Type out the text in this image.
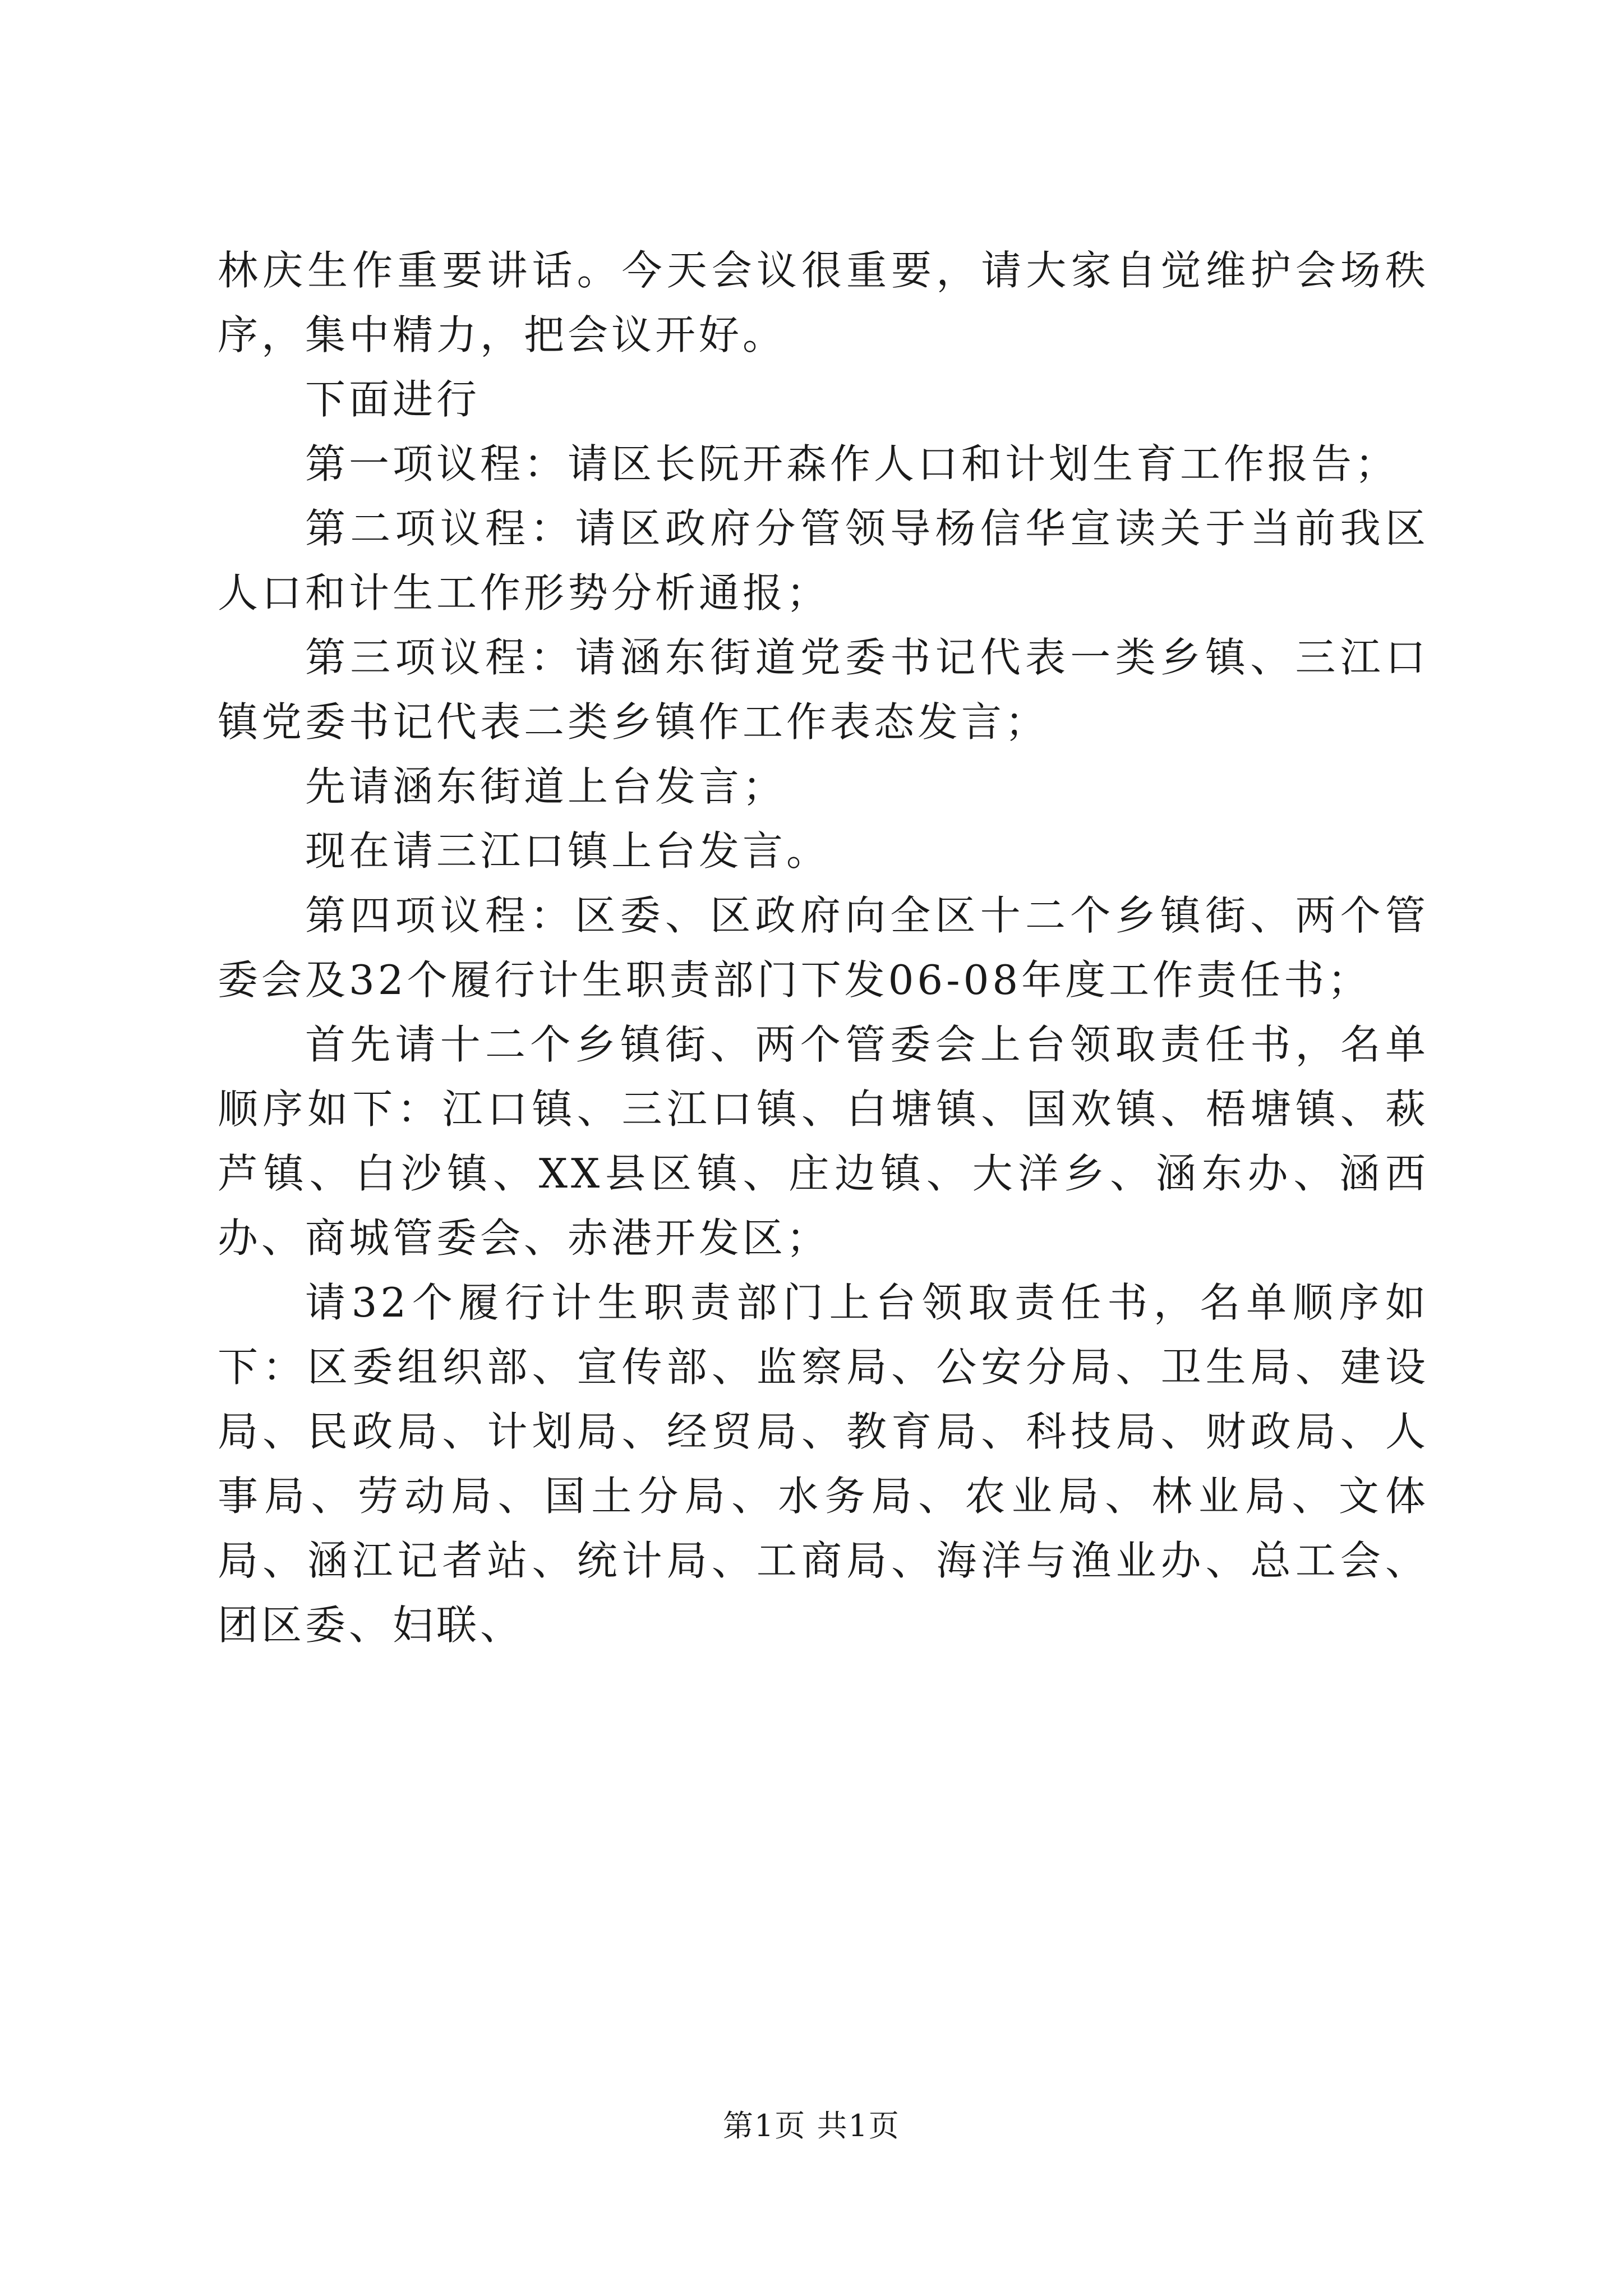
林庆生作重要讲话。今天会议很重要，请大家自觉维护会场秩序，集中精力，把会议开好。

下面进行

第一项议程：请区长阮开森作人口和计划生育工作报告；

第二项议程：请区政府分管领导杨信华宣读关于当前我区人口和计生工作形势分析通报；

第三项议程：请涵东街道党委书记代表一类乡镇、三江口镇党委书记代表二类乡镇作工作表态发言；

先请涵东街道上台发言；

现在请三江口镇上台发言。

第四项议程：区委、区政府向全区十二个乡镇街、两个管委会及32个履行计生职责部门下发06-08年度工作责任书；

首先请十二个乡镇街、两个管委会上台领取责任书，名单顺序如下：江口镇、三江口镇、白塘镇、国欢镇、梧塘镇、萩芦镇、白沙镇、XX县区镇、庄边镇、大洋乡、涵东办、涵西办、商城管委会、赤港开发区；

请32个履行计生职责部门上台领取责任书，名单顺序如下：区委组织部、宣传部、监察局、公安分局、卫生局、建设局、民政局、计划局、经贸局、教育局、科技局、财政局、人事局、劳动局、国土分局、水务局、农业局、林业局、文体局、涵江记者站、统计局、工商局、海洋与渔业办、总工会、团区委、妇联、

第1页 共1页
